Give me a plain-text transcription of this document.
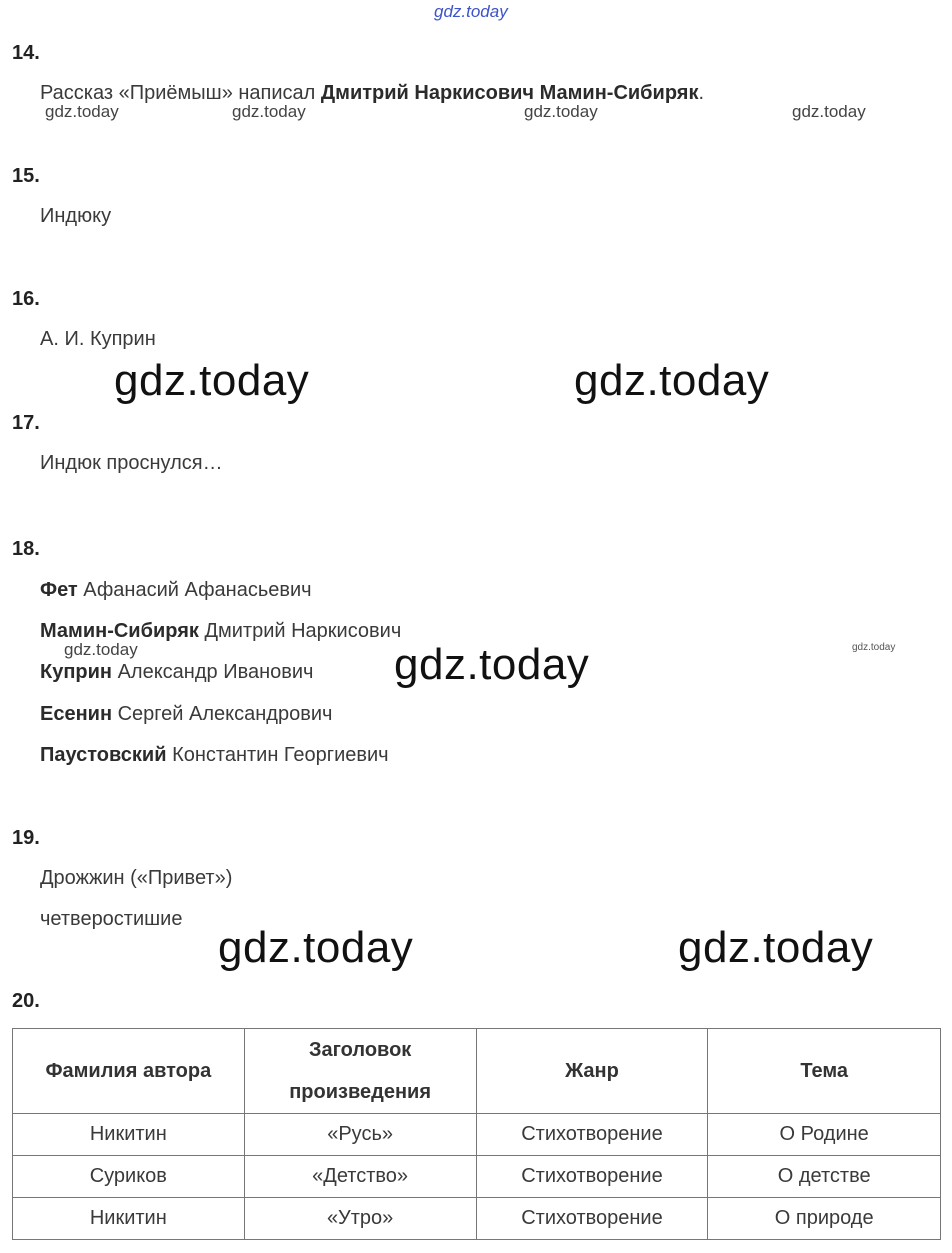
gdz.today
14.
Рассказ «Приёмыш» написал Дмитрий Наркисович Мамин-Сибиряк.
gdz.today	gdz.today	gdz.today	gdz.today
15.
Индюку
16.
А. И. Куприн
gdz.today	gdz.today
17.
Индюк проснулся…
18.
Фет Афанасий Афанасьевич
Мамин-Сибиряк Дмитрий Наркисович
gdz.today
Куприн Александр Иванович gdz.today	gdz.today
Есенин Сергей Александрович
Паустовский Константин Георгиевич
19.
Дрожжин («Привет»)
четверостишие
gdz.today	gdz.today
20.
Фамилия автора	Заголовок произведения	Жанр	Тема
Никитин	«Русь»	Стихотворение	О Родине
Суриков	«Детство»	Стихотворение	О детстве
Никитин	«Утро»	Стихотворение	О природе
